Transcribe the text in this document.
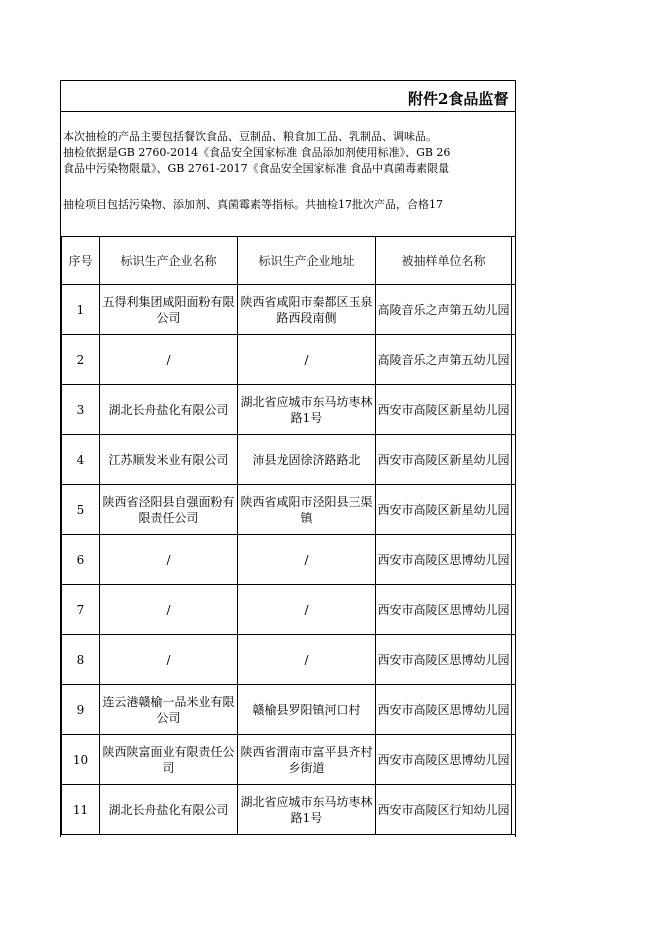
附件2食品监督
本次抽检的产品主要包括餐饮食品、豆制品、粮食加工品、乳制品、调味品。
抽检依据是GB 2760-2014《食品安全国家标准 食品添加剂使用标准》、GB 26
食品中污染物限量》、GB 2761-2017《食品安全国家标准 食品中真菌毒素限量
抽检项目包括污染物、添加剂、真菌霉素等指标。共抽检17批次产品，合格17
序号	标识生产企业名称	标识生产企业地址	被抽样单位名称	
1	五得利集团咸阳面粉有限公司	陕西省咸阳市秦都区玉泉路西段南侧	高陵音乐之声第五幼儿园	
2	/	/	高陵音乐之声第五幼儿园	
3	湖北长舟盐化有限公司	湖北省应城市东马坊枣林路1号	西安市高陵区新星幼儿园	
4	江苏顺发米业有限公司	沛县龙固徐济路路北	西安市高陵区新星幼儿园	
5	陕西省泾阳县自强面粉有限责任公司	陕西省咸阳市泾阳县三渠镇	西安市高陵区新星幼儿园	
6	/	/	西安市高陵区思博幼儿园	
7	/	/	西安市高陵区思博幼儿园	
8	/	/	西安市高陵区思博幼儿园	
9	连云港赣榆一品米业有限公司	赣榆县罗阳镇河口村	西安市高陵区思博幼儿园	
10	陕西陕富面业有限责任公司	陕西省渭南市富平县齐村乡街道	西安市高陵区思博幼儿园	
11	湖北长舟盐化有限公司	湖北省应城市东马坊枣林路1号	西安市高陵区行知幼儿园	
